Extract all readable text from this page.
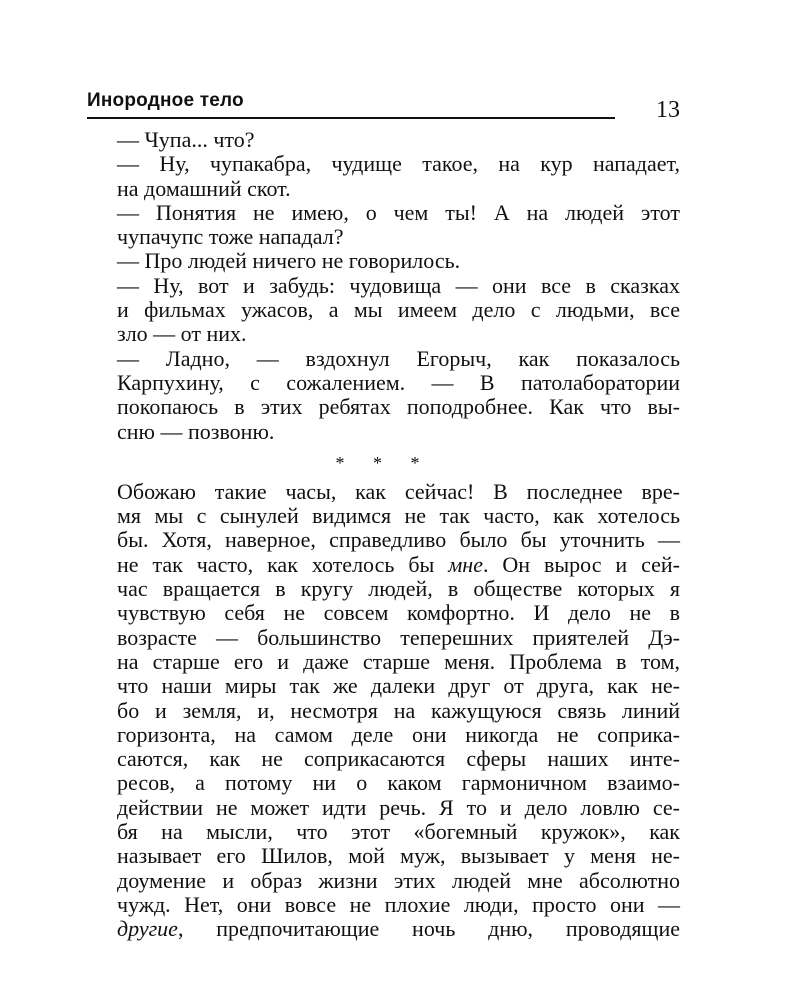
Инородное тело	13
— Чупа... что?
— Ну, чупакабра, чудище такое, на кур нападает,
на домашний скот.
— Понятия не имею, о чем ты! А на людей этот
чупачупс тоже нападал?
— Про людей ничего не говорилось.
— Ну, вот и забудь: чудовища — они все в сказках
и фильмах ужасов, а мы имеем дело с людьми, все
зло — от них.
— Ладно, — вздохнул Егорыч, как показалось
Карпухину, с сожалением. — В патолаборатории
покопаюсь в этих ребятах поподробнее. Как что вы-
сню — позвоню.
* * *
Обожаю такие часы, как сейчас! В последнее вре-
мя мы с сынулей видимся не так часто, как хотелось
бы. Хотя, наверное, справедливо было бы уточнить —
не так часто, как хотелось бы мне. Он вырос и сей-
час вращается в кругу людей, в обществе которых я
чувствую себя не совсем комфортно. И дело не в
возрасте — большинство теперешних приятелей Дэ-
на старше его и даже старше меня. Проблема в том,
что наши миры так же далеки друг от друга, как не-
бо и земля, и, несмотря на кажущуюся связь линий
горизонта, на самом деле они никогда не соприка-
саются, как не соприкасаются сферы наших инте-
ресов, а потому ни о каком гармоничном взаимо-
действии не может идти речь. Я то и дело ловлю се-
бя на мысли, что этот «богемный кружок», как
называет его Шилов, мой муж, вызывает у меня не-
доумение и образ жизни этих людей мне абсолютно
чужд. Нет, они вовсе не плохие люди, просто они —
другие, предпочитающие ночь дню, проводящие
